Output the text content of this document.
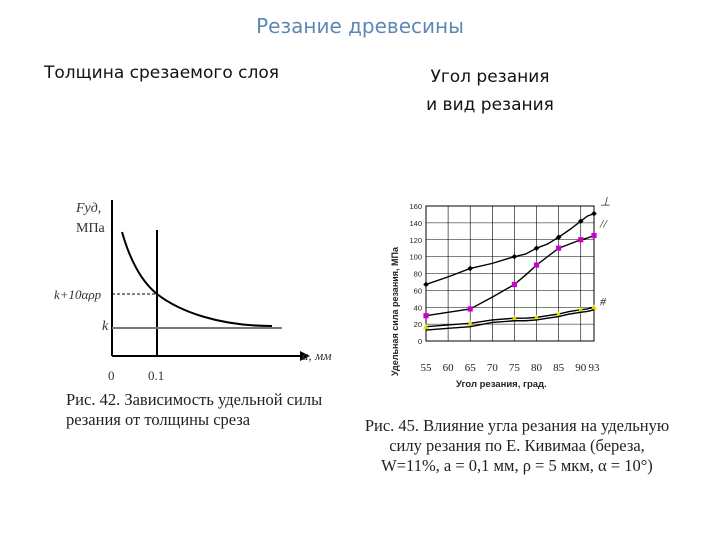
Резание древесины
Толщина срезаемого слоя	Угол резания
и вид резания
Fуд,
МПа
k+10αρp
k
a, мм
0	0.1
Рис. 42. Зависимость удельной силы резания от толщины среза
0
20
40
60
80
100
120
140
160
55 60 65 70 75 80 85 90 93
⊥
//
#
Удельная сила резания, МПа
Угол резания, град.
Рис. 45. Влияние угла резания на удельную силу резания по Е. Кивимаа (береза, W=11%, a = 0,1 мм, ρ = 5 мкм, α = 10°)
